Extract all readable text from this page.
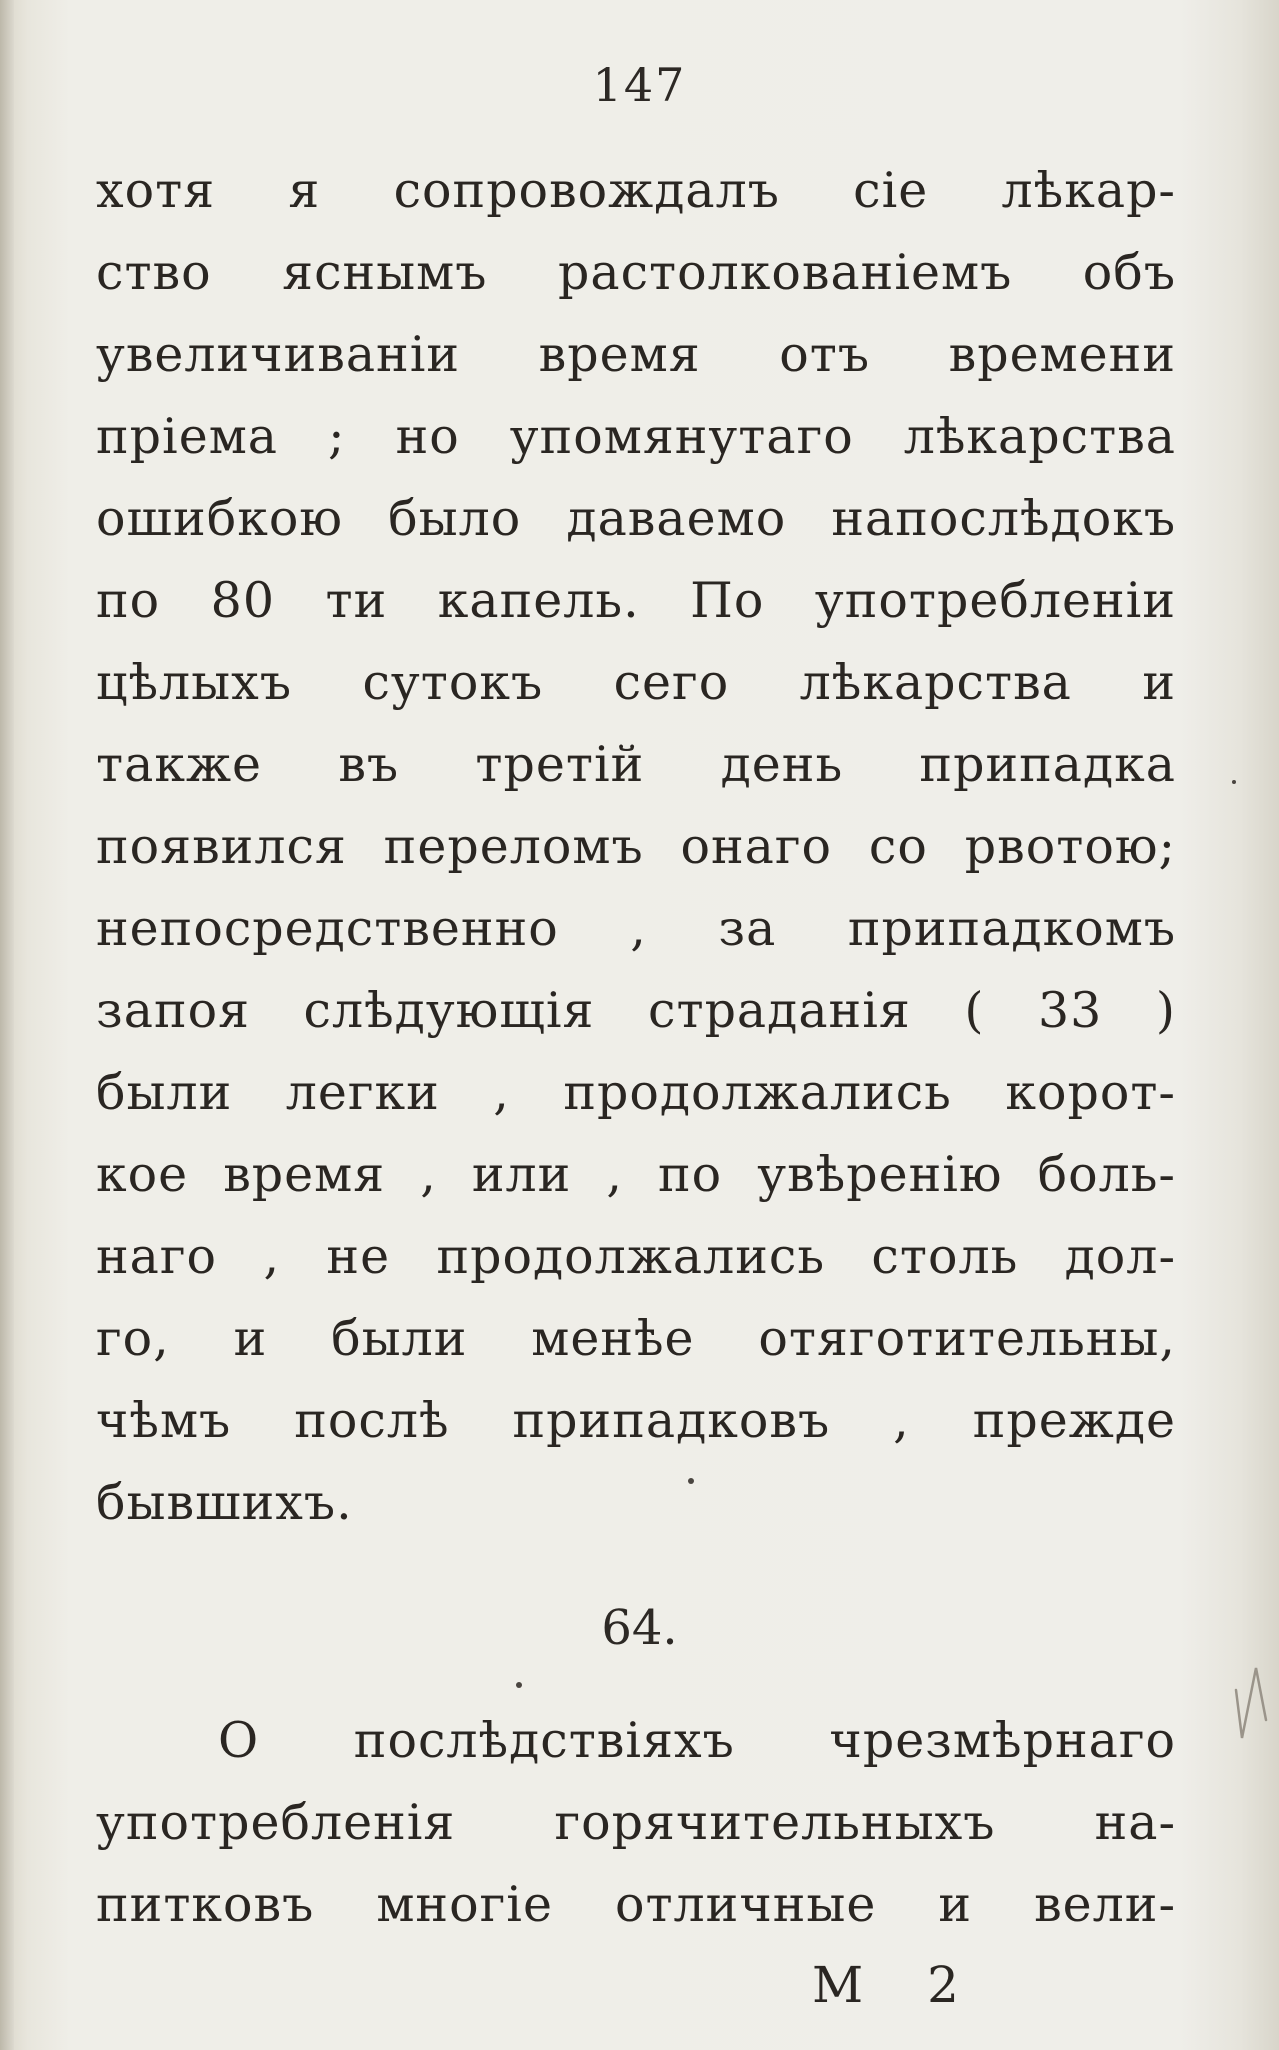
147
хотя я сопровождалъ сіе лѣкар-
ство яснымъ растолкованіемъ объ
увеличиваніи время отъ времени
пріема ; но упомянутаго лѣкарства
ошибкою было даваемо напослѣдокъ
по 80 ти капель. По употребленіи
цѣлыхъ сутокъ сего лѣкарства и
также въ третій день припадка
появился переломъ онаго со рвотою;
непосредственно , за припадкомъ
запоя слѣдующія страданія ( 33 )
были легки , продолжались корот-
кое время , или , по увѣренію боль-
наго , не продолжались столь дол-
го, и были менѣе отяготительны,
чѣмъ послѣ припадковъ , прежде
бывшихъ.
64.
О послѣдствіяхъ чрезмѣрнаго
употребленія горячительныхъ на-
питковъ многіе отличные и вели-
M 2
